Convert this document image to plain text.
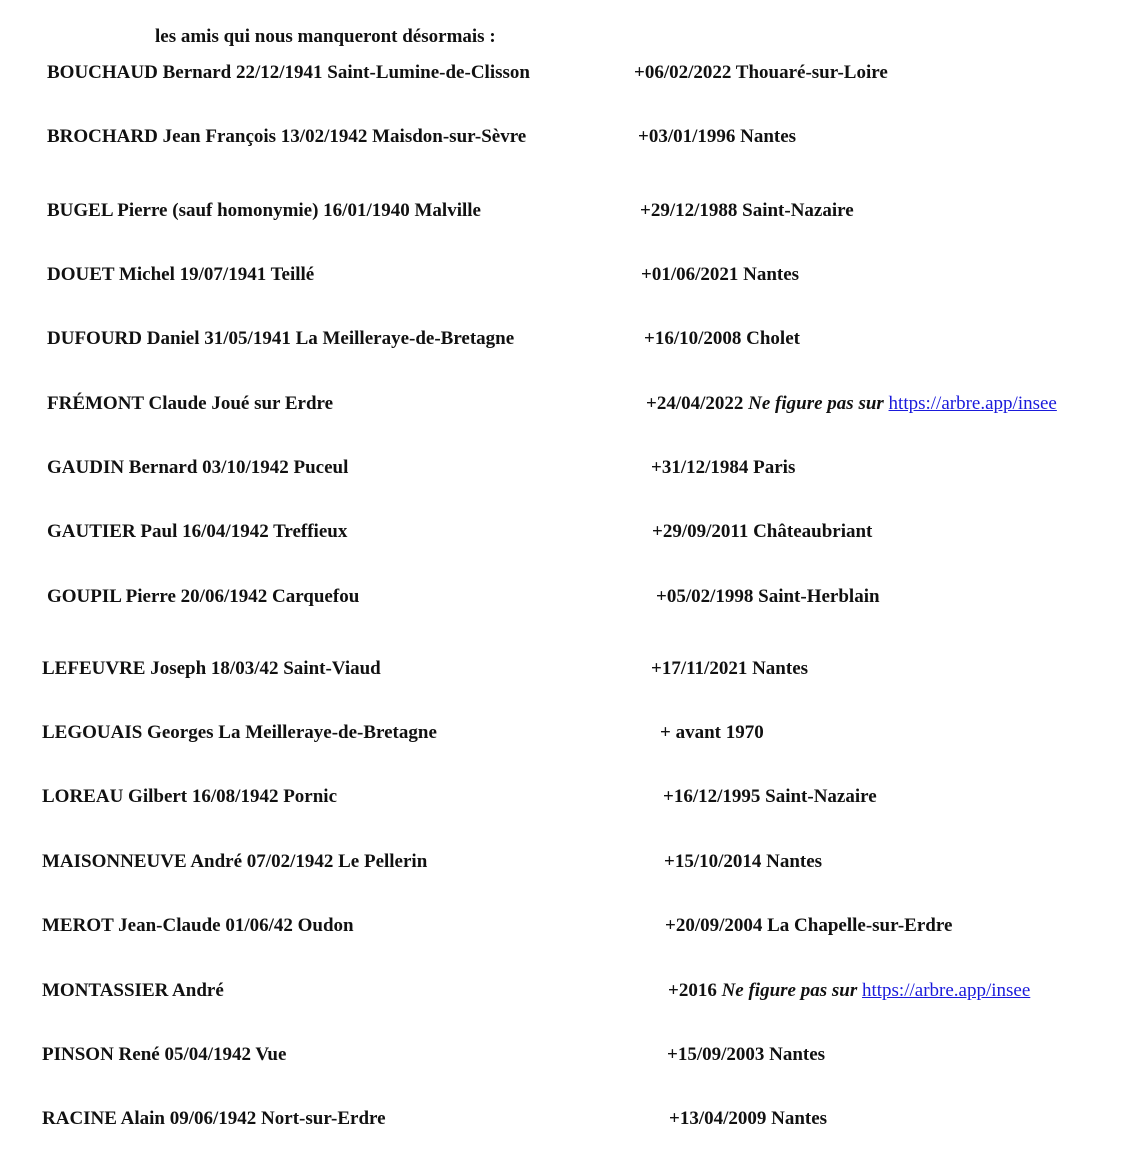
les amis qui nous manqueront désormais :
BOUCHAUD Bernard 22/12/1941 Saint-Lumine-de-Clisson	+06/02/2022 Thouaré-sur-Loire
BROCHARD Jean François 13/02/1942 Maisdon-sur-Sèvre	+03/01/1996 Nantes
BUGEL Pierre (sauf homonymie) 16/01/1940 Malville	+29/12/1988 Saint-Nazaire
DOUET Michel 19/07/1941 Teillé	+01/06/2021 Nantes
DUFOURD Daniel 31/05/1941 La Meilleraye-de-Bretagne	+16/10/2008 Cholet
FRÉMONT Claude Joué sur Erdre	+24/04/2022 Ne figure pas sur https://arbre.app/insee
GAUDIN Bernard 03/10/1942 Puceul	+31/12/1984 Paris
GAUTIER Paul 16/04/1942 Treffieux	+29/09/2011 Châteaubriant
GOUPIL Pierre 20/06/1942 Carquefou	+05/02/1998 Saint-Herblain
LEFEUVRE Joseph 18/03/42 Saint-Viaud	+17/11/2021 Nantes
LEGOUAIS Georges La Meilleraye-de-Bretagne	+ avant 1970
LOREAU Gilbert 16/08/1942 Pornic	+16/12/1995 Saint-Nazaire
MAISONNEUVE André 07/02/1942 Le Pellerin	+15/10/2014 Nantes
MEROT Jean-Claude 01/06/42 Oudon	+20/09/2004 La Chapelle-sur-Erdre
MONTASSIER André	+2016 Ne figure pas sur https://arbre.app/insee
PINSON René 05/04/1942 Vue	+15/09/2003 Nantes
RACINE Alain 09/06/1942 Nort-sur-Erdre	+13/04/2009 Nantes
